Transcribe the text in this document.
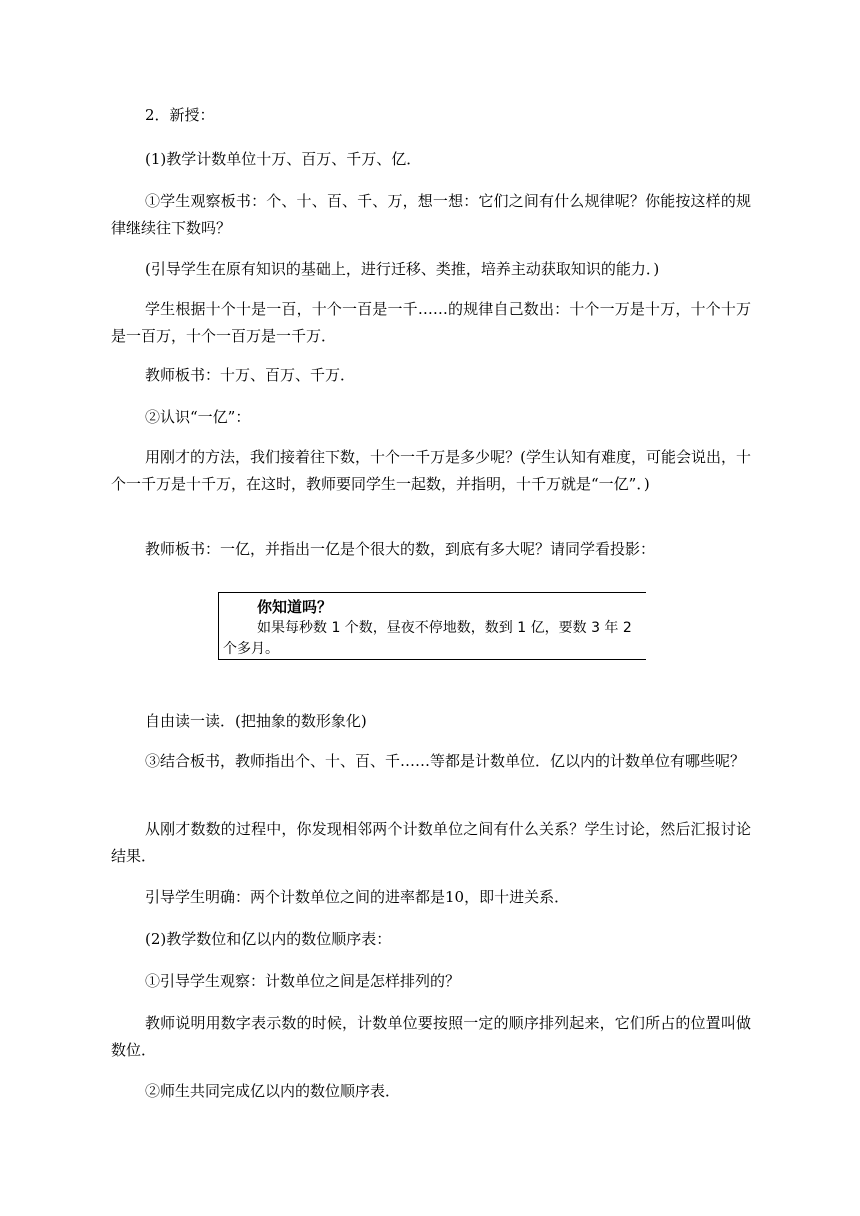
2．新授：

(1)教学计数单位十万、百万、千万、亿．

①学生观察板书：个、十、百、千、万，想一想：它们之间有什么规律呢？你能按这样的规律继续往下数吗？

(引导学生在原有知识的基础上，进行迁移、类推，培养主动获取知识的能力．)

学生根据十个十是一百，十个一百是一千……的规律自己数出：十个一万是十万，十个十万是一百万，十个一百万是一千万．

教师板书：十万、百万、千万．

②认识“一亿”：

用刚才的方法，我们接着往下数，十个一千万是多少呢？(学生认知有难度，可能会说出，十个一千万是十千万，在这时，教师要同学生一起数，并指明，十千万就是“一亿”．)

教师板书：一亿，并指出一亿是个很大的数，到底有多大呢？请同学看投影：

你知道吗？

如果每秒数 1 个数，昼夜不停地数，数到 1 亿，要数 3 年 2 个多月。

自由读一读．(把抽象的数形象化)

③结合板书，教师指出个、十、百、千……等都是计数单位．亿以内的计数单位有哪些呢？

从刚才数数的过程中，你发现相邻两个计数单位之间有什么关系？学生讨论，然后汇报讨论结果．

引导学生明确：两个计数单位之间的进率都是10，即十进关系．

(2)教学数位和亿以内的数位顺序表：

①引导学生观察：计数单位之间是怎样排列的？

教师说明用数字表示数的时候，计数单位要按照一定的顺序排列起来，它们所占的位置叫做数位．

②师生共同完成亿以内的数位顺序表．
